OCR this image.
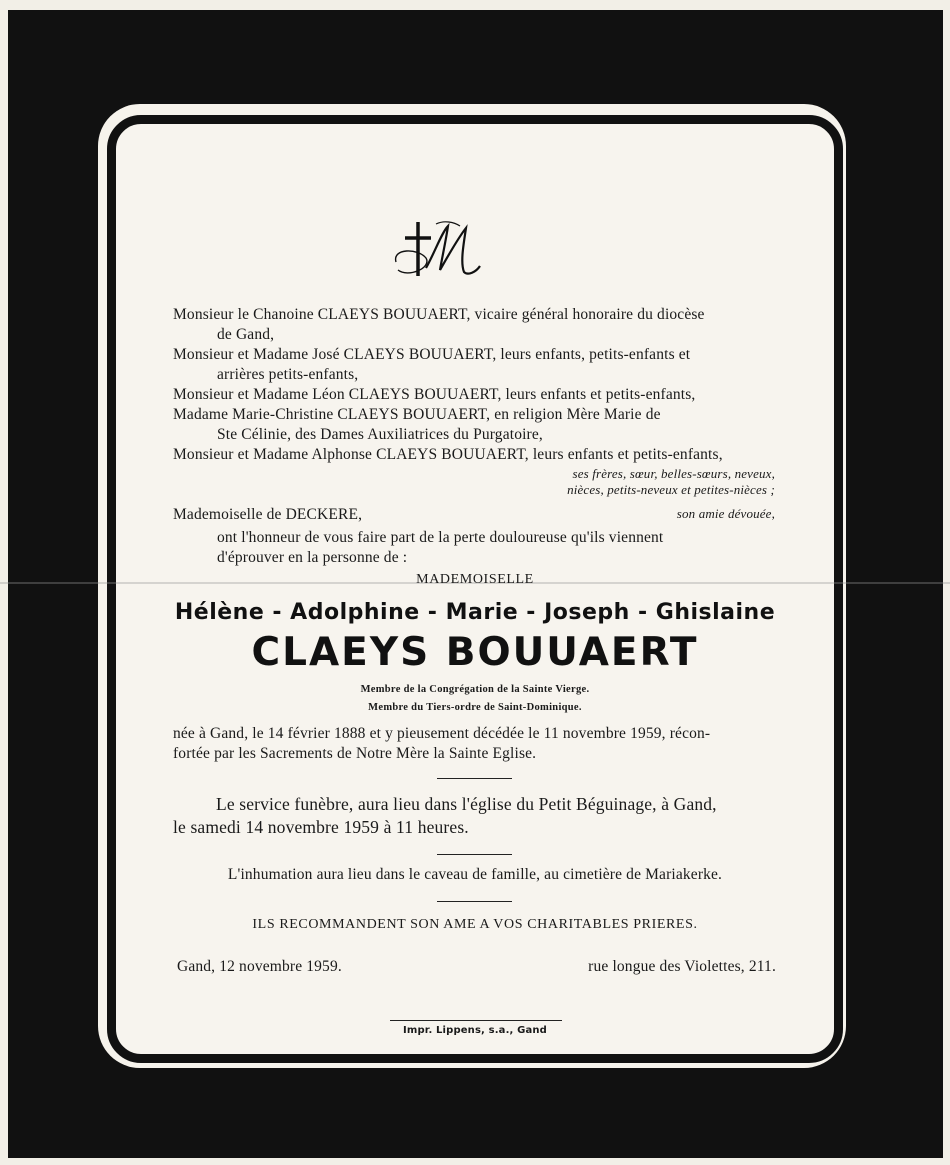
Monsieur le Chanoine CLAEYS BOUUAERT, vicaire général honoraire du diocèse
de Gand,
Monsieur et Madame José CLAEYS BOUUAERT, leurs enfants, petits-enfants et
arrières petits-enfants,
Monsieur et Madame Léon CLAEYS BOUUAERT, leurs enfants et petits-enfants,
Madame Marie-Christine CLAEYS BOUUAERT, en religion Mère Marie de
Ste Célinie, des Dames Auxiliatrices du Purgatoire,
Monsieur et Madame Alphonse CLAEYS BOUUAERT, leurs enfants et petits-enfants,
ses frères, sœur, belles-sœurs, neveux,
nièces, petits-neveux et petites-nièces ;
Mademoiselle de DECKERE,	son amie dévouée,
ont l'honneur de vous faire part de la perte douloureuse qu'ils viennent
d'éprouver en la personne de :
MADEMOISELLE
Hélène - Adolphine - Marie - Joseph - Ghislaine
CLAEYS BOUUAERT
Membre de la Congrégation de la Sainte Vierge.
Membre du Tiers-ordre de Saint-Dominique.
née à Gand, le 14 février 1888 et y pieusement décédée le 11 novembre 1959, récon-
fortée par les Sacrements de Notre Mère la Sainte Eglise.
Le service funèbre, aura lieu dans l'église du Petit Béguinage, à Gand,
le samedi 14 novembre 1959 à 11 heures.
L'inhumation aura lieu dans le caveau de famille, au cimetière de Mariakerke.
ILS RECOMMANDENT SON AME A VOS CHARITABLES PRIERES.
Gand, 12 novembre 1959.	rue longue des Violettes, 211.
Impr. Lippens, s.a., Gand
